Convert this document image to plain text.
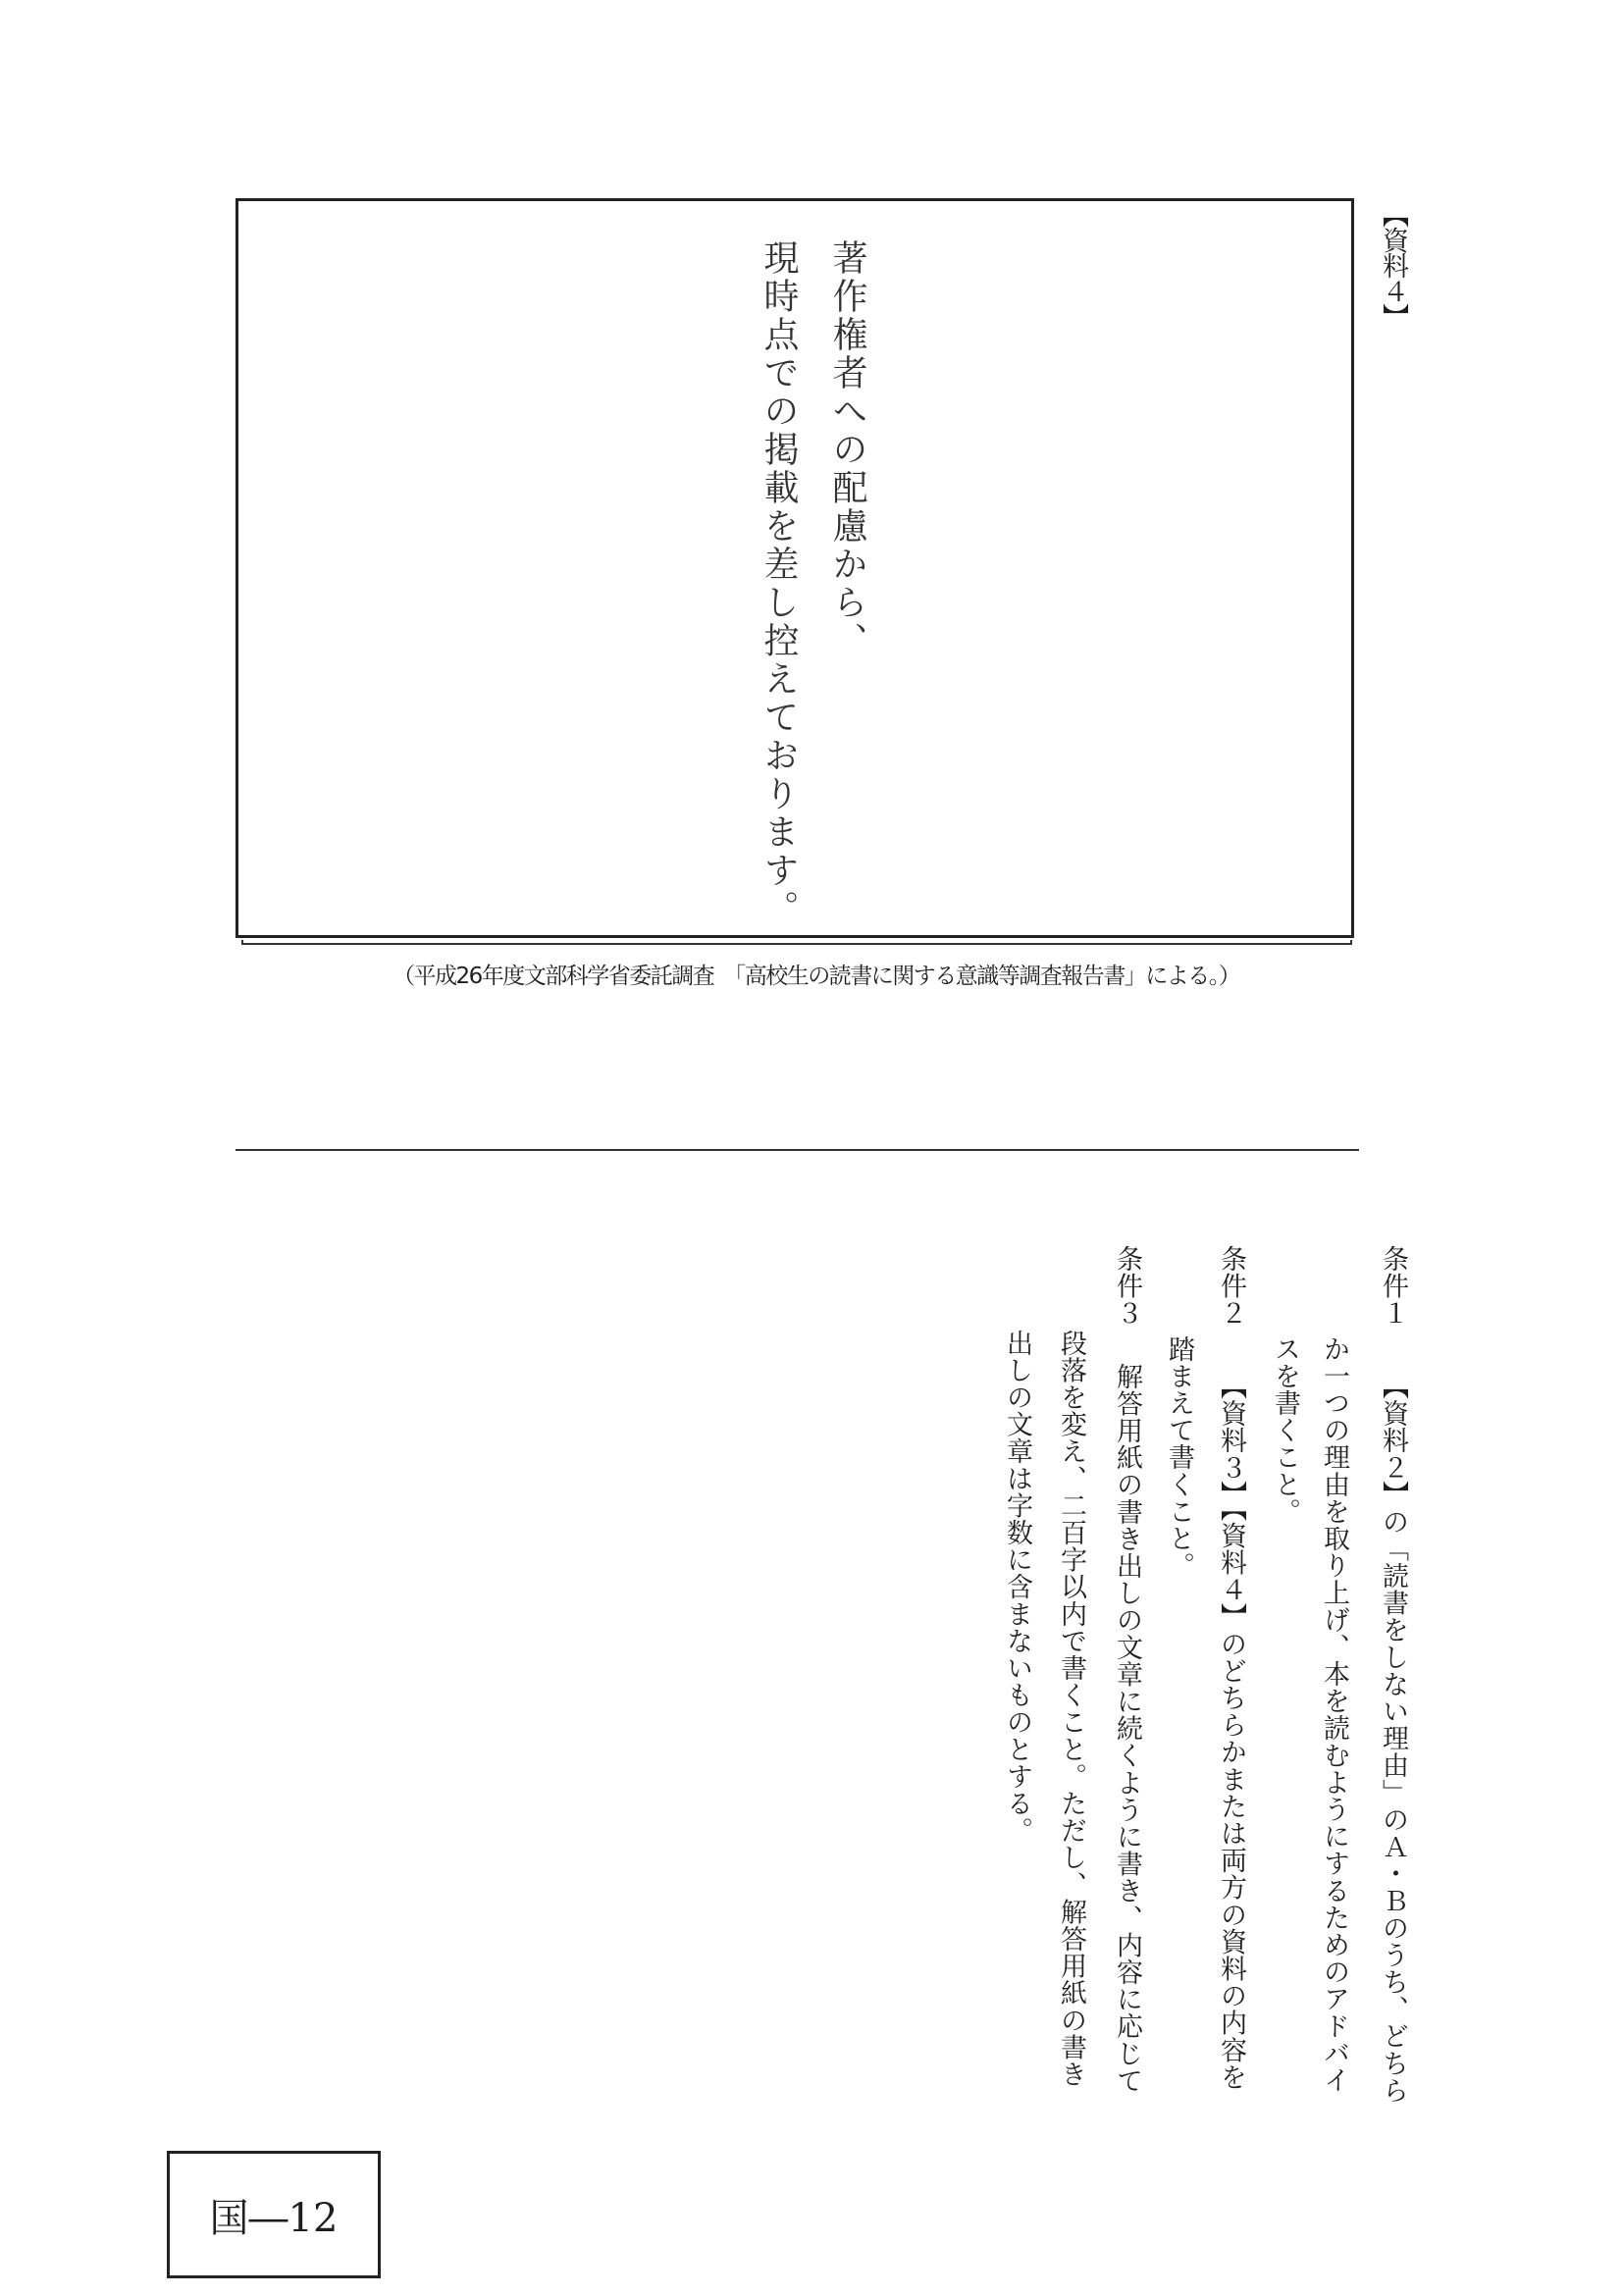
【資料４】
著作権者への配慮から、
現時点での掲載を差し控えております。
（平成26年度文部科学省委託調査　「高校生の読書に関する意識等調査報告書」による。）
条件１
【資料２】の「読書をしない理由」のＡ・Ｂのうち、どちら
か一つの理由を取り上げ、本を読むようにするためのアドバイ
スを書くこと。
条件２
【資料３】【資料４】のどちらかまたは両方の資料の内容を
踏まえて書くこと。
条件３
解答用紙の書き出しの文章に続くように書き、内容に応じて
段落を変え、二百字以内で書くこと。ただし、解答用紙の書き
出しの文章は字数に含まないものとする。
国―12
